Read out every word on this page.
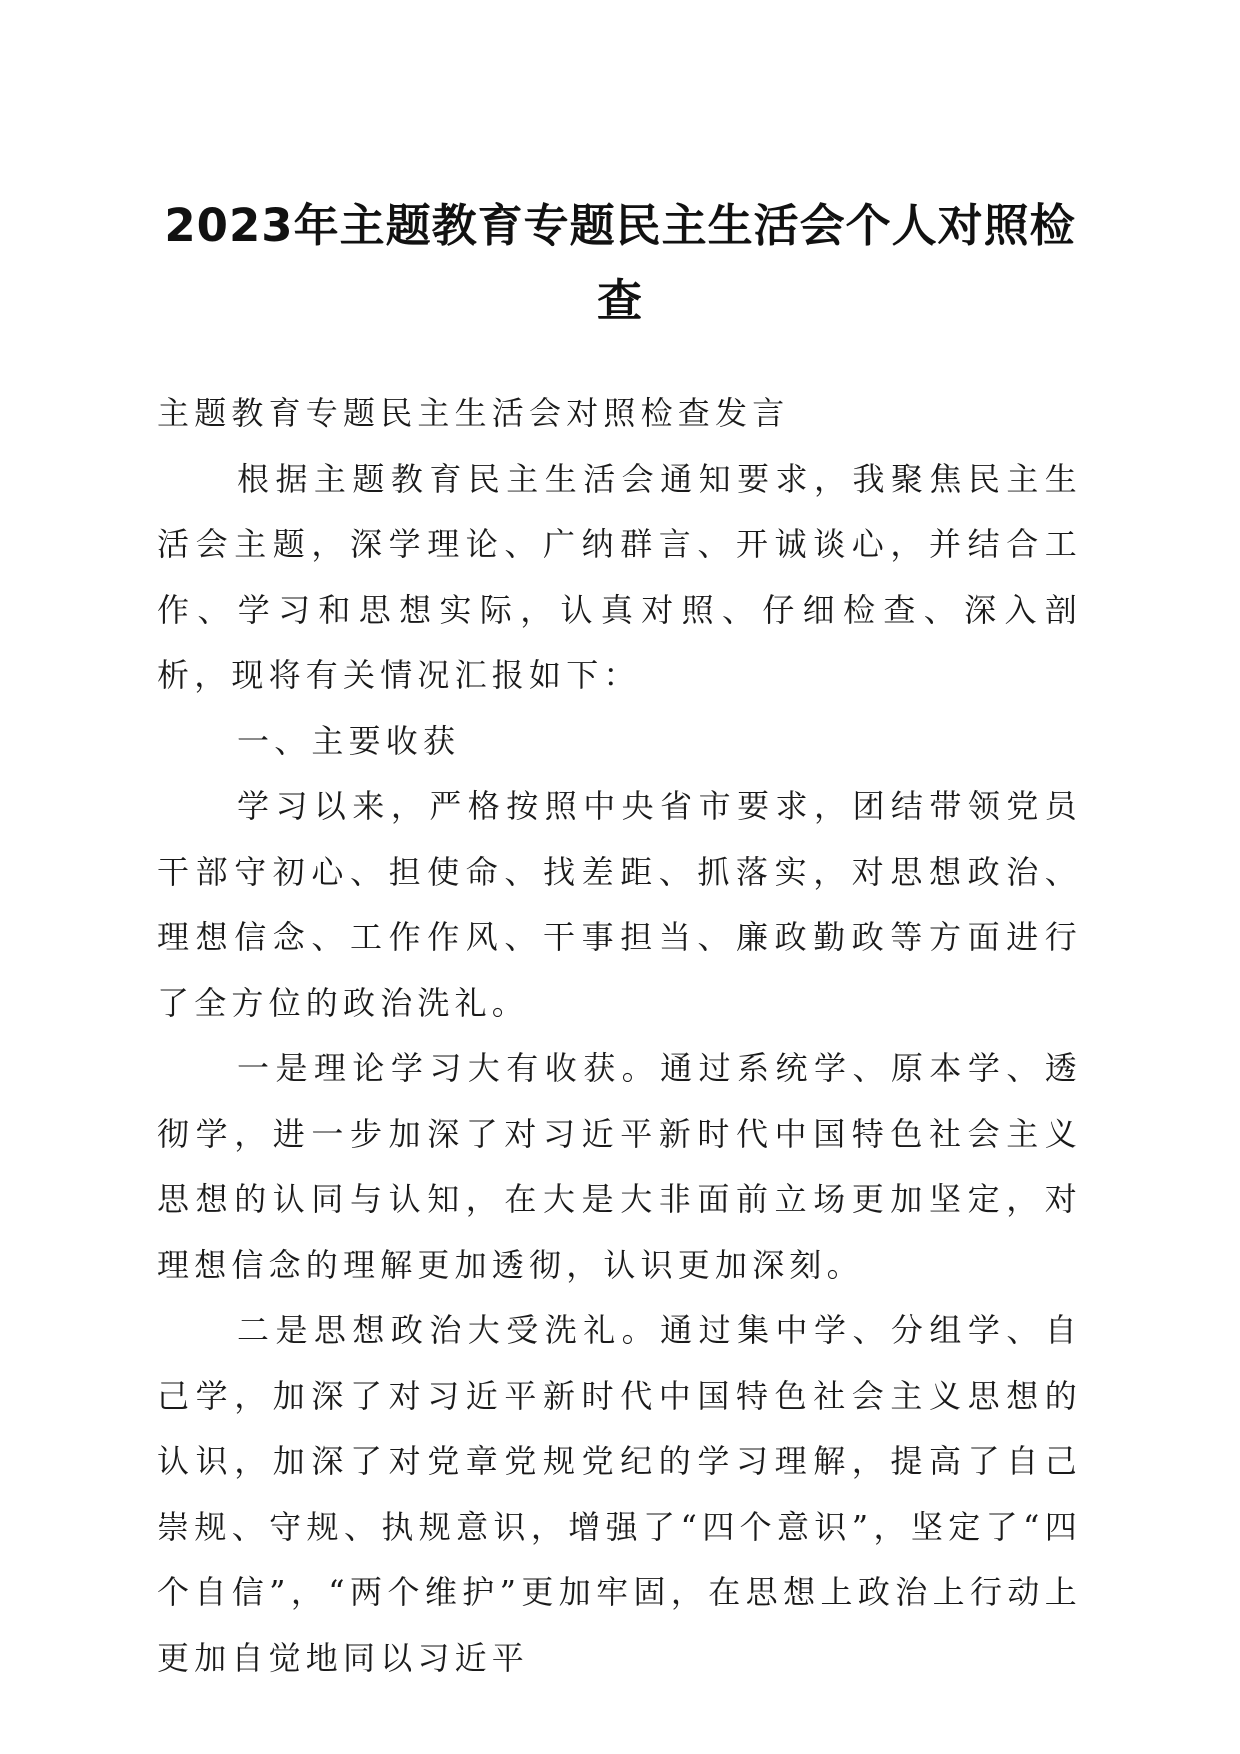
2023年主题教育专题民主生活会个人对照检查

主题教育专题民主生活会对照检查发言

根据主题教育民主生活会通知要求，我聚焦民主生活会主题，深学理论、广纳群言、开诚谈心，并结合工作、学习和思想实际，认真对照、仔细检查、深入剖析，现将有关情况汇报如下：

一、主要收获

学习以来，严格按照中央省市要求，团结带领党员干部守初心、担使命、找差距、抓落实，对思想政治、理想信念、工作作风、干事担当、廉政勤政等方面进行了全方位的政治洗礼。

一是理论学习大有收获。通过系统学、原本学、透彻学，进一步加深了对习近平新时代中国特色社会主义思想的认同与认知，在大是大非面前立场更加坚定，对理想信念的理解更加透彻，认识更加深刻。

二是思想政治大受洗礼。通过集中学、分组学、自己学，加深了对习近平新时代中国特色社会主义思想的认识，加深了对党章党规党纪的学习理解，提高了自己崇规、守规、执规意识，增强了“四个意识”，坚定了“四个自信”，“两个维护”更加牢固，在思想上政治上行动上更加自觉地同以习近平
